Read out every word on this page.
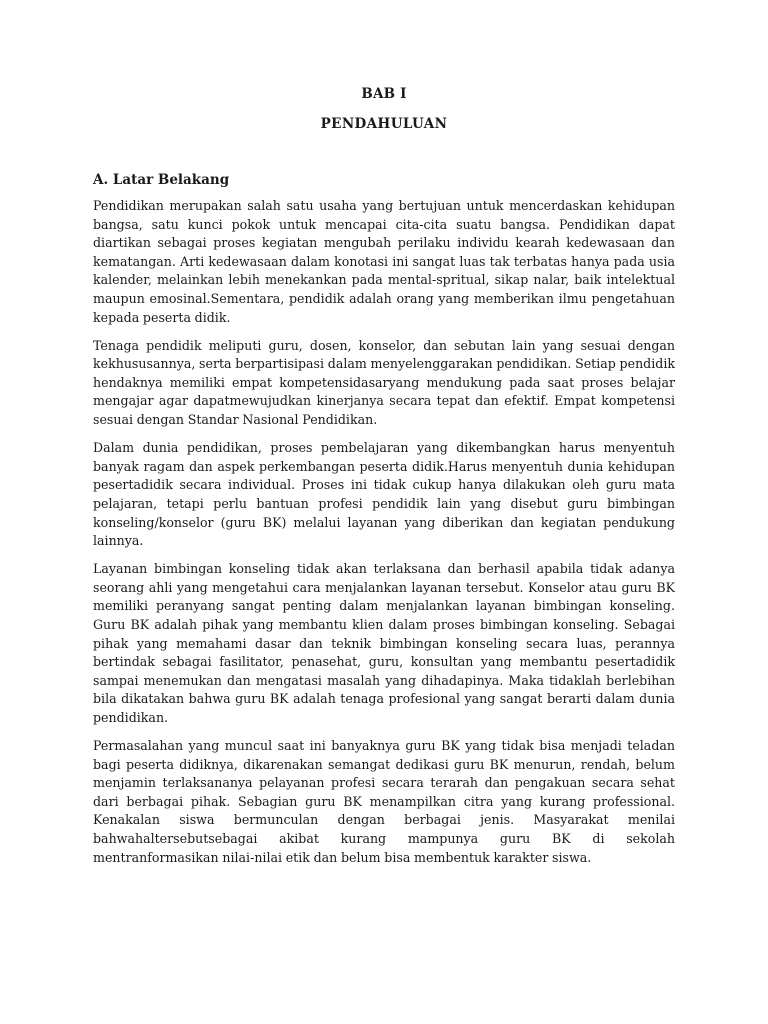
BAB I
PENDAHULUAN
A. Latar Belakang

Pendidikan merupakan salah satu usaha yang bertujuan untuk mencerdaskan kehidupan bangsa, satu kunci pokok untuk mencapai cita-cita suatu bangsa. Pendidikan dapat diartikan sebagai proses kegiatan mengubah perilaku individu kearah kedewasaan dan kematangan. Arti kedewasaan dalam konotasi ini sangat luas tak terbatas hanya pada usia kalender, melainkan lebih menekankan pada mental-spritual, sikap nalar, baik intelektual maupun emosinal.Sementara, pendidik adalah orang yang memberikan ilmu pengetahuan kepada peserta didik.

Tenaga pendidik meliputi guru, dosen, konselor, dan sebutan lain yang sesuai dengan kekhususannya, serta berpartisipasi dalam menyelenggarakan pendidikan. Setiap pendidik hendaknya memiliki empat kompetensidasaryang mendukung pada saat proses belajar mengajar agar dapatmewujudkan kinerjanya secara tepat dan efektif. Empat kompetensi sesuai dengan Standar Nasional Pendidikan.

Dalam dunia pendidikan, proses pembelajaran yang dikembangkan harus menyentuh banyak ragam dan aspek perkembangan peserta didik.Harus menyentuh dunia kehidupan pesertadidik secara individual. Proses ini tidak cukup hanya dilakukan oleh guru mata pelajaran, tetapi perlu bantuan profesi pendidik lain yang disebut guru bimbingan konseling/konselor (guru BK) melalui layanan yang diberikan dan kegiatan pendukung lainnya.

Layanan bimbingan konseling tidak akan terlaksana dan berhasil apabila tidak adanya seorang ahli yang mengetahui cara menjalankan layanan tersebut. Konselor atau guru BK memiliki peranyang sangat penting dalam menjalankan layanan bimbingan konseling. Guru BK adalah pihak yang membantu klien dalam proses bimbingan konseling. Sebagai pihak yang memahami dasar dan teknik bimbingan konseling secara luas, perannya bertindak sebagai fasilitator, penasehat, guru, konsultan yang membantu pesertadidik sampai menemukan dan mengatasi masalah yang dihadapinya. Maka tidaklah berlebihan bila dikatakan bahwa guru BK adalah tenaga profesional yang sangat berarti dalam dunia pendidikan.

Permasalahan yang muncul saat ini banyaknya guru BK yang tidak bisa menjadi teladan bagi peserta didiknya, dikarenakan semangat dedikasi guru BK menurun, rendah, belum menjamin terlaksananya pelayanan profesi secara terarah dan pengakuan secara sehat dari berbagai pihak. Sebagian guru BK menampilkan citra yang kurang professional. Kenakalan siswa bermunculan dengan berbagai jenis. Masyarakat menilai bahwahaltersebutsebagai akibat kurang mampunya guru BK di sekolah mentranformasikan nilai-nilai etik dan belum bisa membentuk karakter siswa.
